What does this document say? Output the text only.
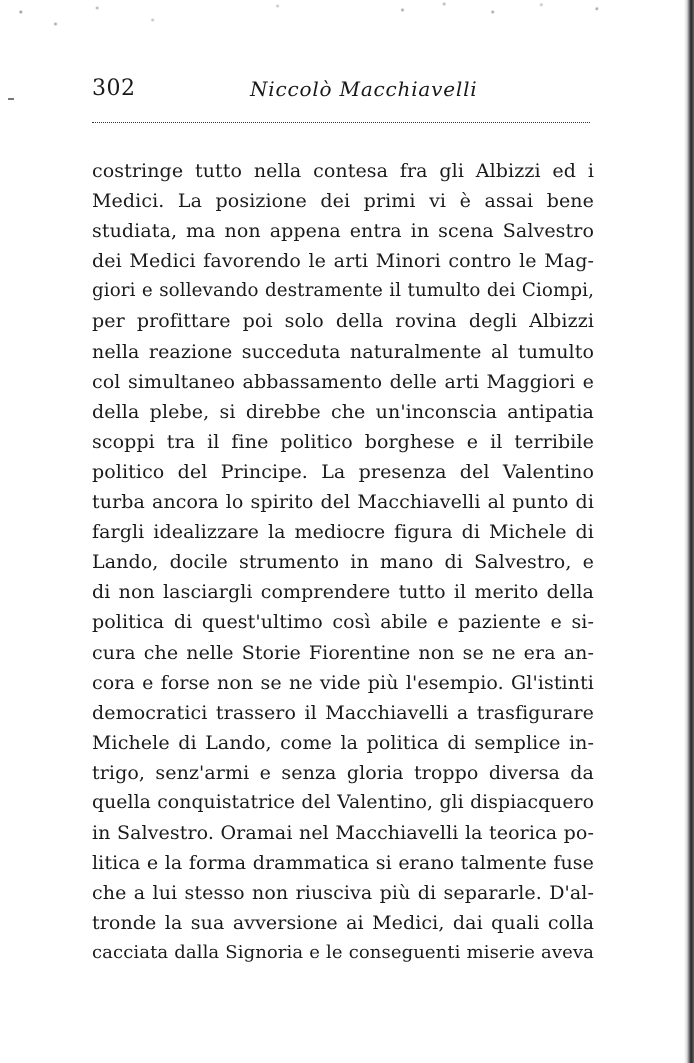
302	Niccolò Macchiavelli
costringe tutto nella contesa fra gli Albizzi ed i
Medici. La posizione dei primi vi è assai bene
studiata, ma non appena entra in scena Salvestro
dei Medici favorendo le arti Minori contro le Mag-
giori e sollevando destramente il tumulto dei Ciompi,
per profittare poi solo della rovina degli Albizzi
nella reazione succeduta naturalmente al tumulto
col simultaneo abbassamento delle arti Maggiori e
della plebe, si direbbe che un'inconscia antipatia
scoppi tra il fine politico borghese e il terribile
politico del Principe. La presenza del Valentino
turba ancora lo spirito del Macchiavelli al punto di
fargli idealizzare la mediocre figura di Michele di
Lando, docile strumento in mano di Salvestro, e
di non lasciargli comprendere tutto il merito della
politica di quest'ultimo così abile e paziente e si-
cura che nelle Storie Fiorentine non se ne era an-
cora e forse non se ne vide più l'esempio. Gl'istinti
democratici trassero il Macchiavelli a trasfigurare
Michele di Lando, come la politica di semplice in-
trigo, senz'armi e senza gloria troppo diversa da
quella conquistatrice del Valentino, gli dispiacquero
in Salvestro. Oramai nel Macchiavelli la teorica po-
litica e la forma drammatica si erano talmente fuse
che a lui stesso non riusciva più di separarle. D'al-
tronde la sua avversione ai Medici, dai quali colla
cacciata dalla Signoria e le conseguenti miserie aveva
